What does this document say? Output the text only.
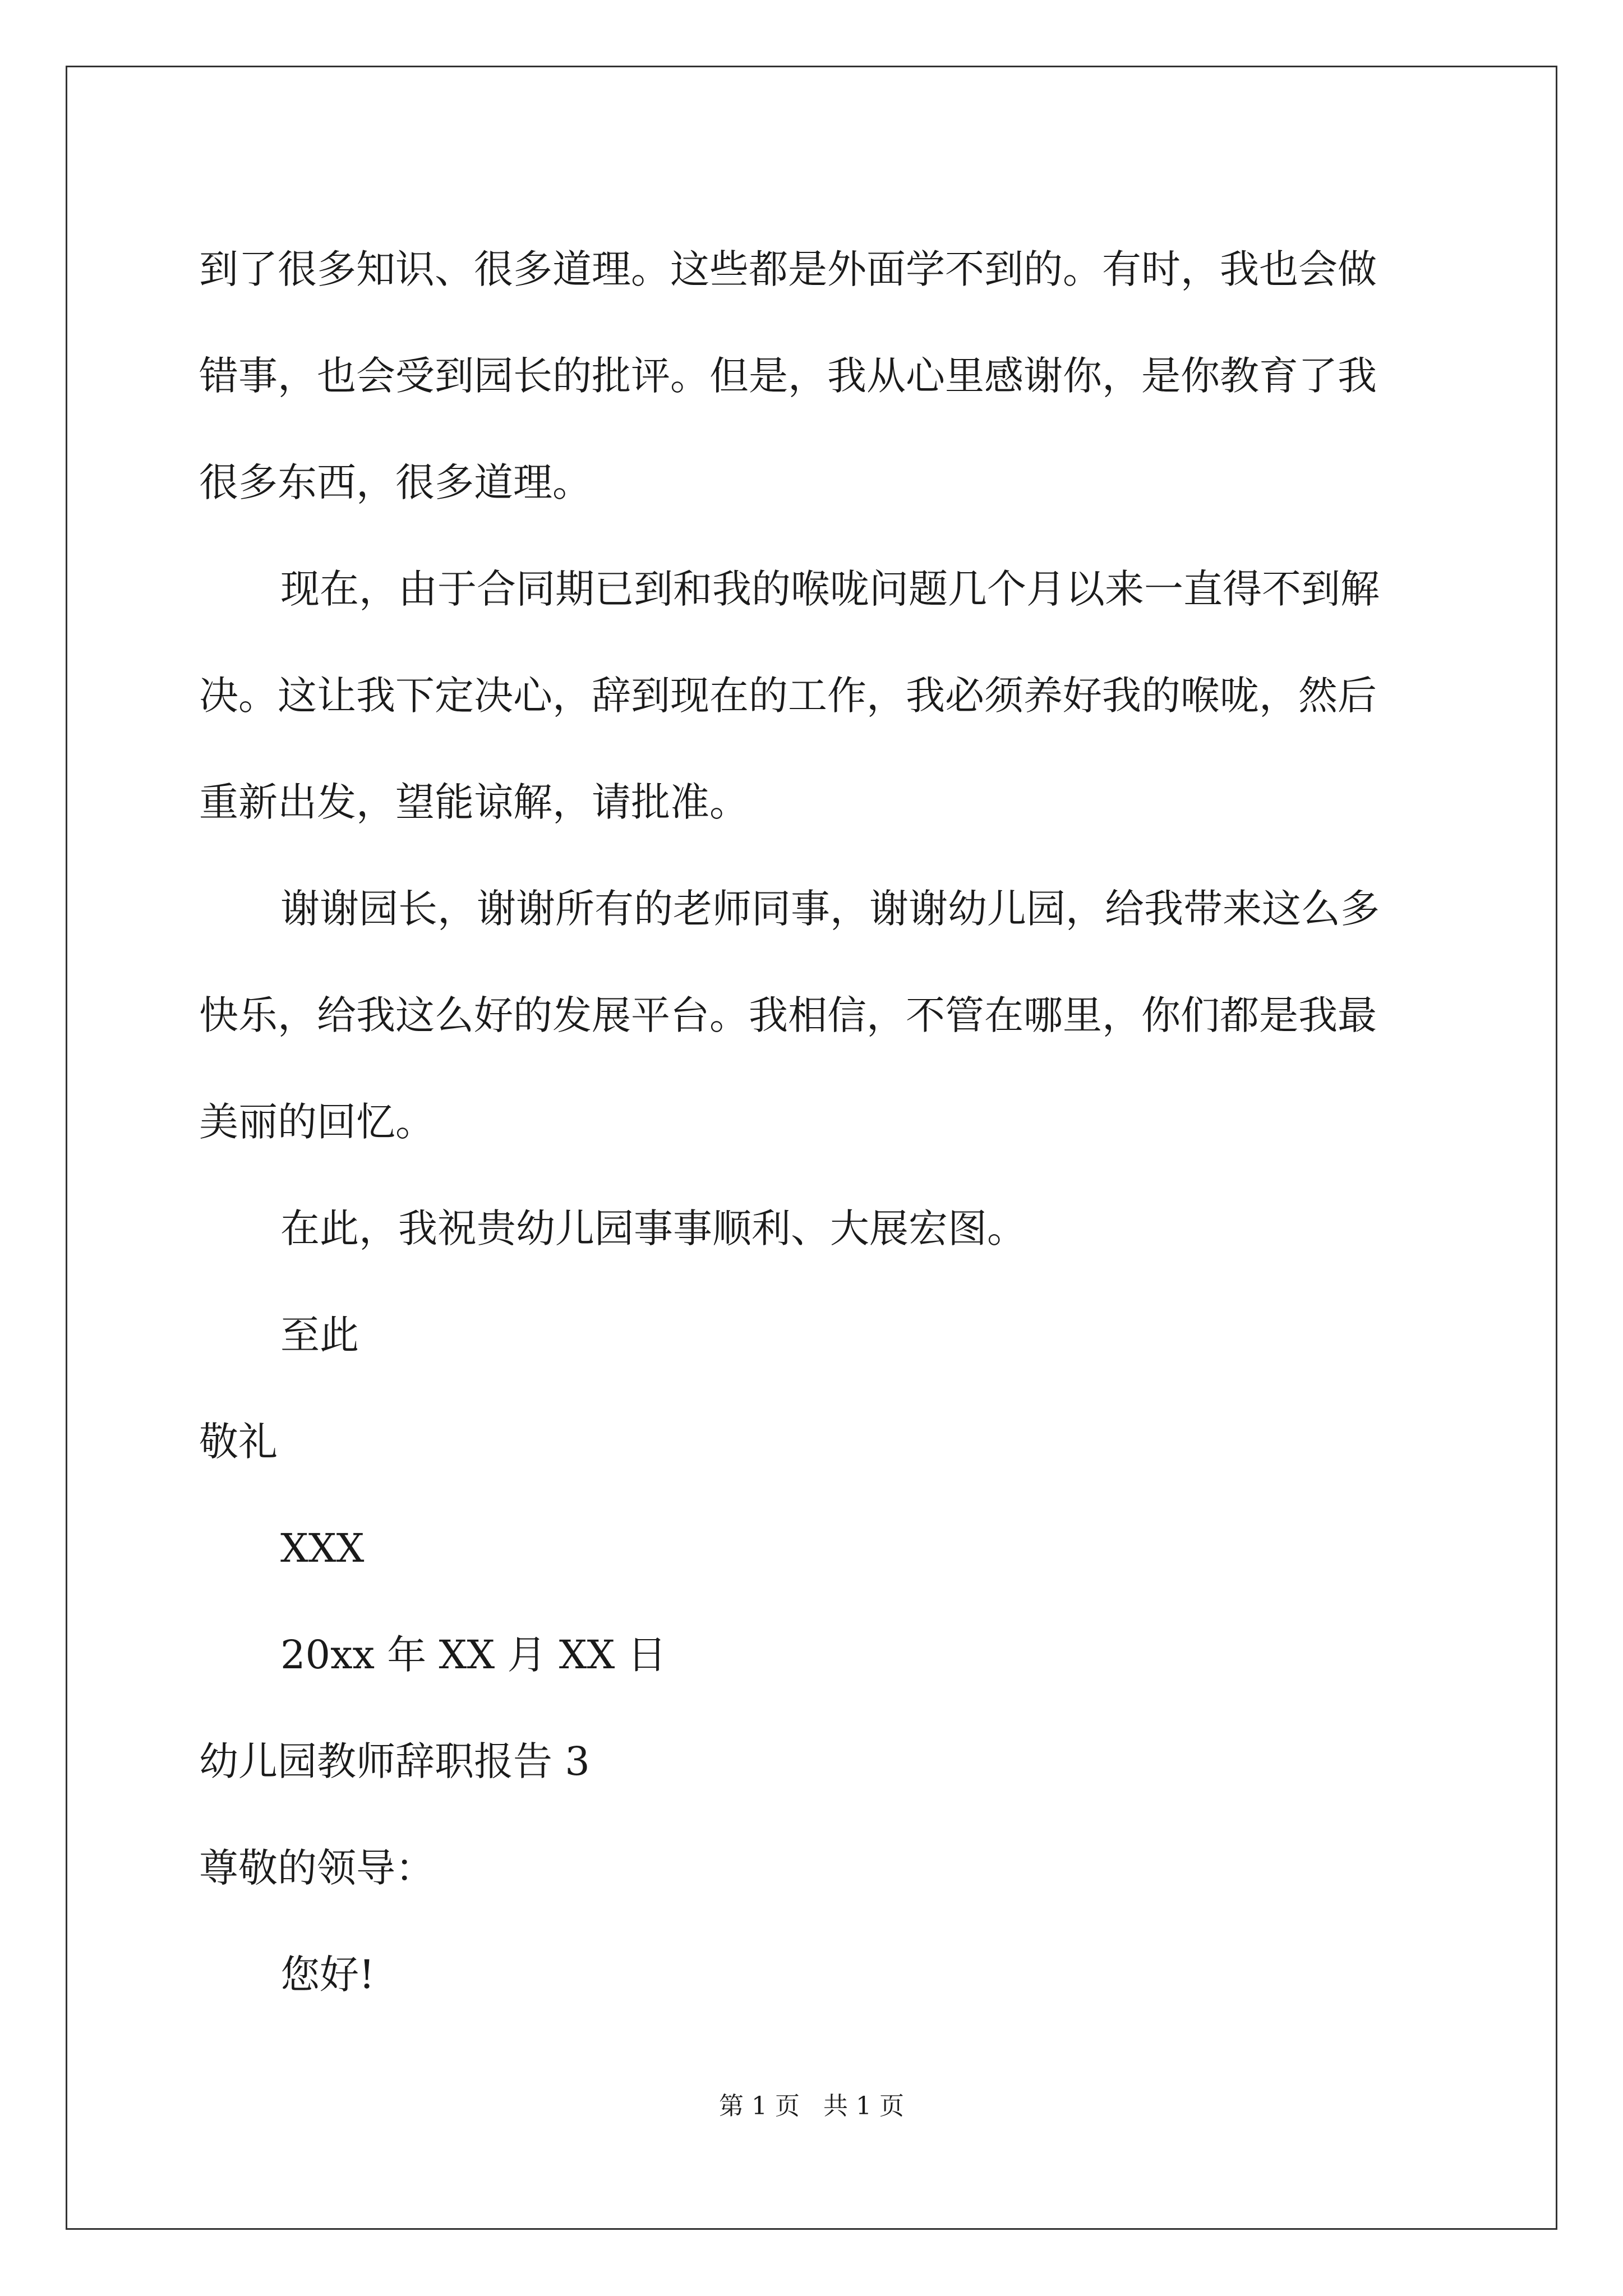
到了很多知识、很多道理。这些都是外面学不到的。有时，我也会做

错事，也会受到园长的批评。但是，我从心里感谢你，是你教育了我

很多东西，很多道理。

现在，由于合同期已到和我的喉咙问题几个月以来一直得不到解

决。这让我下定决心，辞到现在的工作，我必须养好我的喉咙，然后

重新出发，望能谅解，请批准。

谢谢园长，谢谢所有的老师同事，谢谢幼儿园，给我带来这么多

快乐，给我这么好的发展平台。我相信，不管在哪里，你们都是我最

美丽的回忆。

在此，我祝贵幼儿园事事顺利、大展宏图。

至此

敬礼

XXX

20xx 年 XX 月 XX 日

幼儿园教师辞职报告 3

尊敬的领导：

您好!

第 1 页   共 1 页
